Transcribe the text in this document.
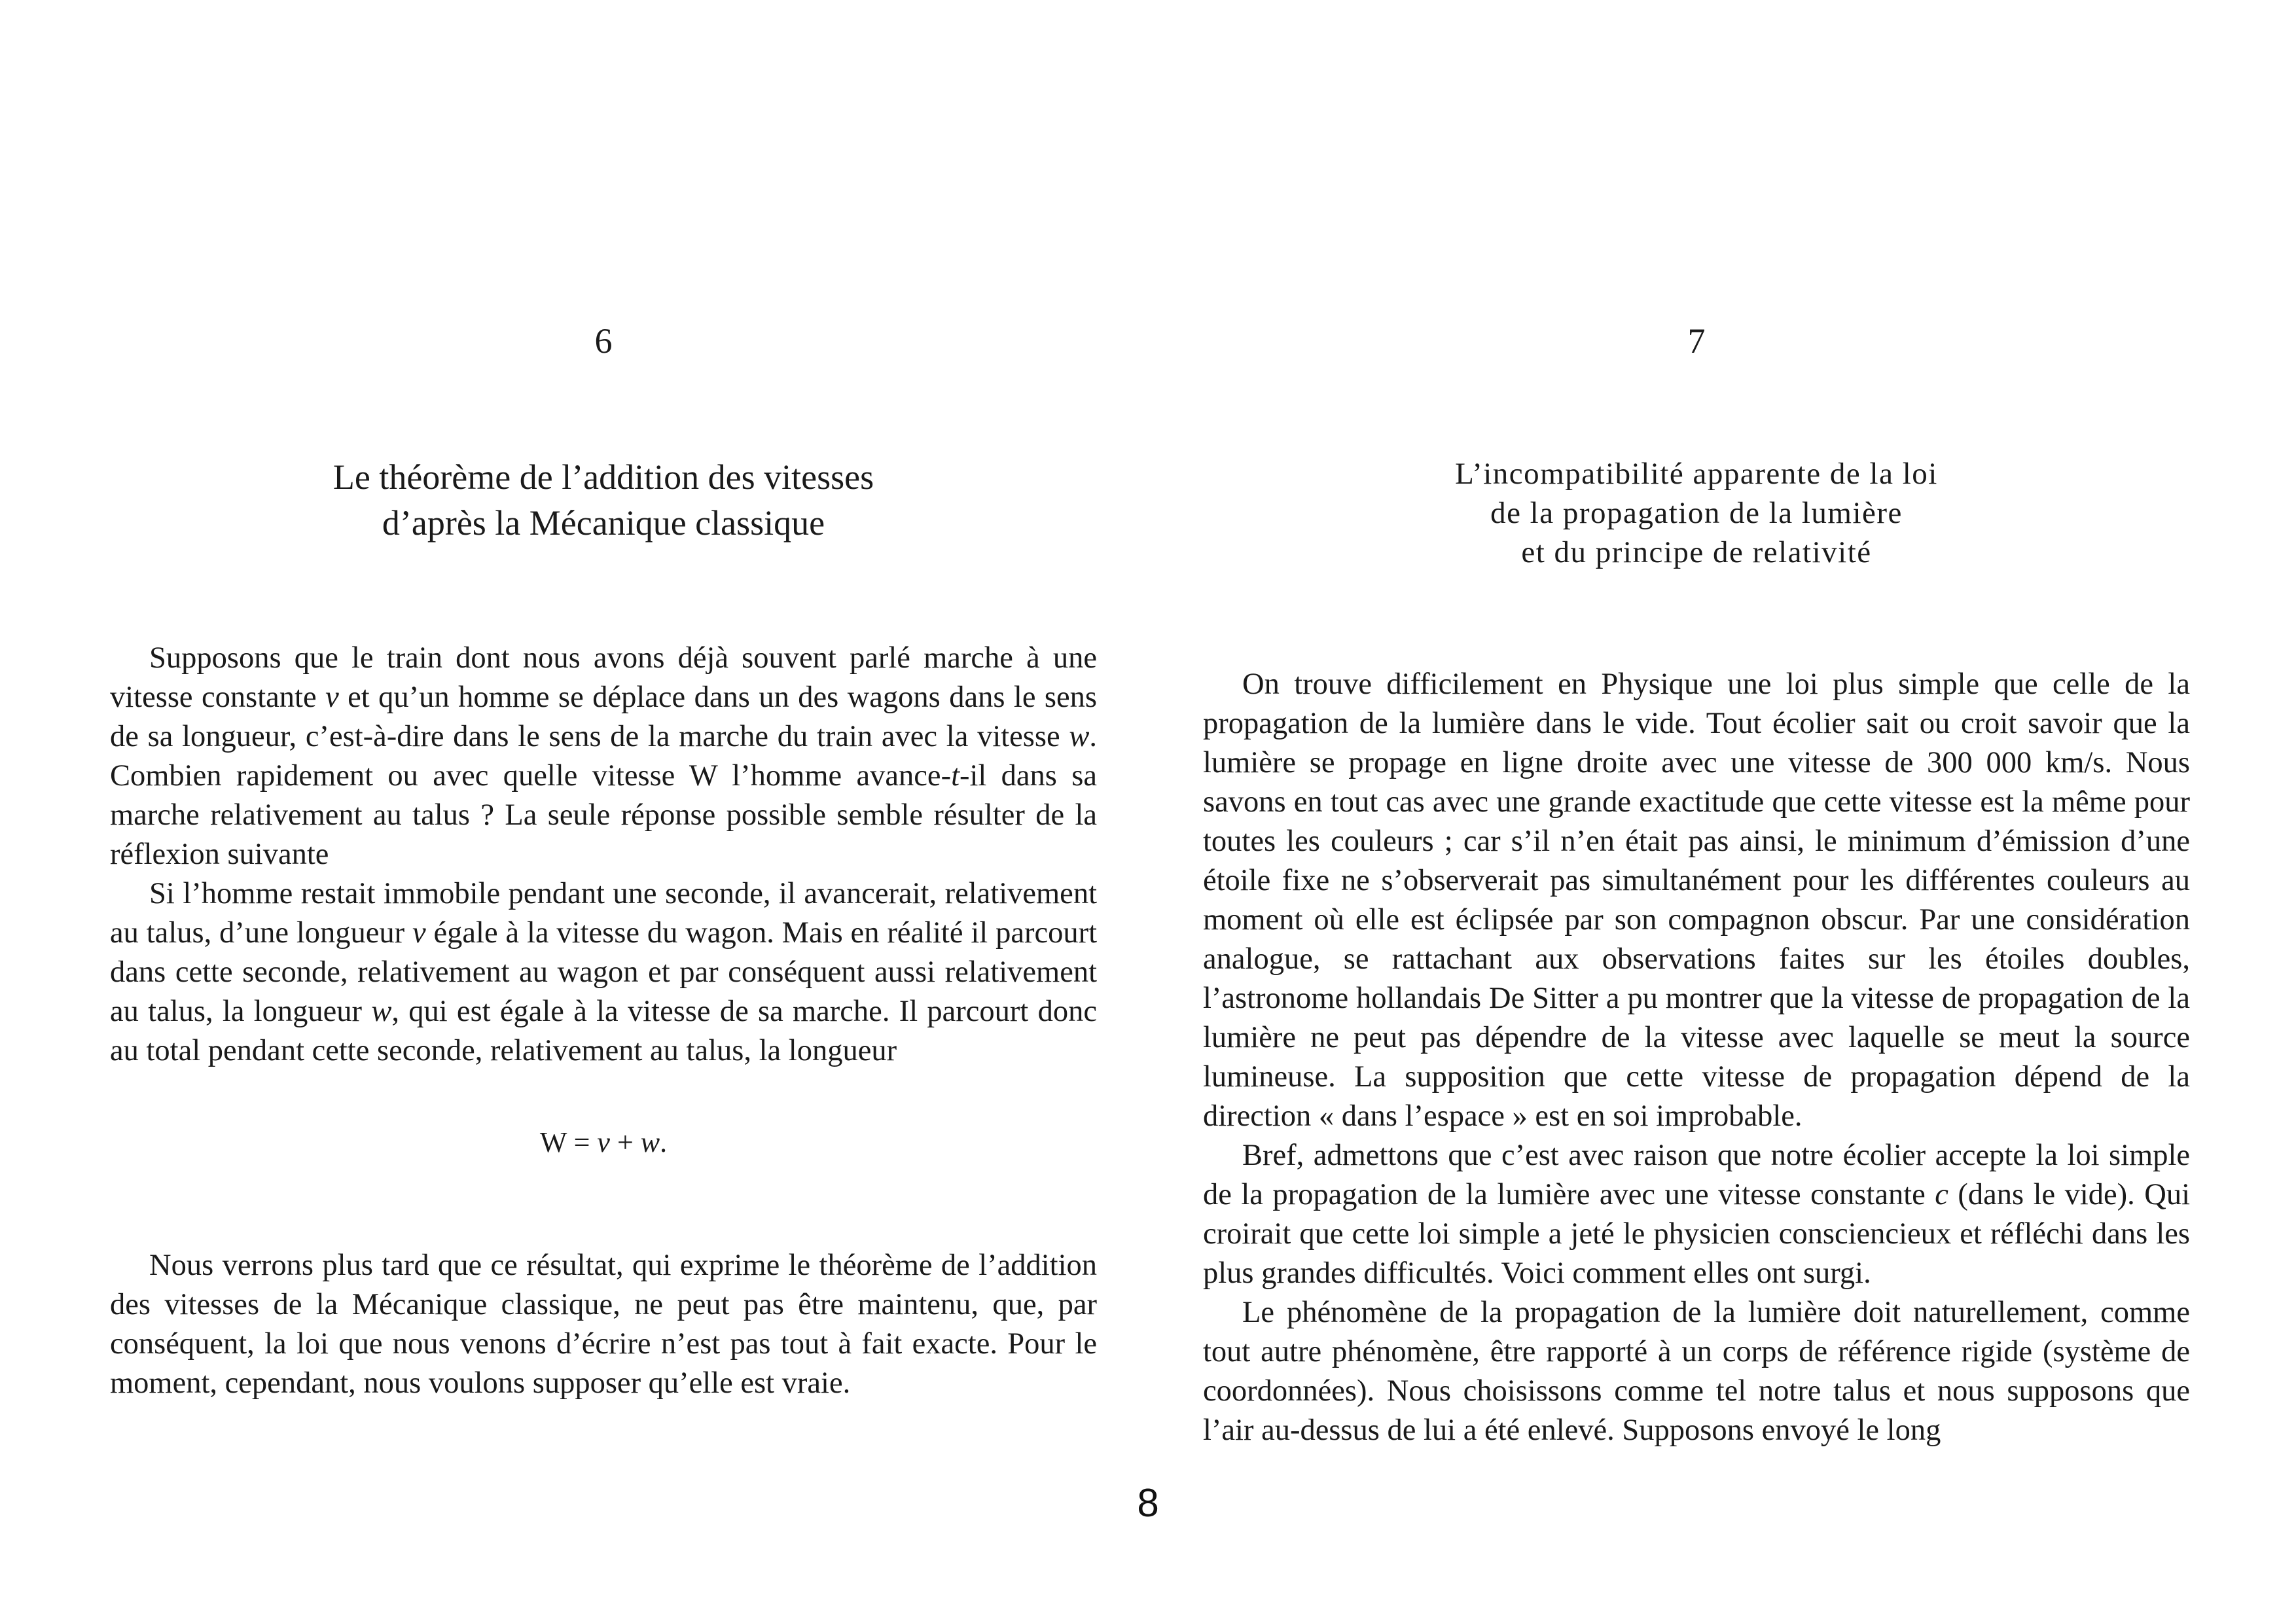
6
Le théorème de l’addition des vitesses
d’après la Mécanique classique

Supposons que le train dont nous avons déjà souvent parlé marche à une vitesse constante v et qu’un homme se déplace dans un des wagons dans le sens de sa longueur, c’est-à-dire dans le sens de la marche du train avec la vitesse w. Combien rapidement ou avec quelle vitesse W l’homme avance-t-il dans sa marche relativement au talus ? La seule réponse possible semble résulter de la réflexion suivante

Si l’homme restait immobile pendant une seconde, il avancerait, relativement au talus, d’une longueur v égale à la vitesse du wagon. Mais en réalité il parcourt dans cette seconde, relativement au wagon et par conséquent aussi relativement au talus, la longueur w, qui est égale à la vitesse de sa marche. Il parcourt donc au total pendant cette seconde, relativement au talus, la longueur

W = v + w.

Nous verrons plus tard que ce résultat, qui exprime le théorème de l’addition des vitesses de la Mécanique classique, ne peut pas être maintenu, que, par conséquent, la loi que nous venons d’écrire n’est pas tout à fait exacte. Pour le moment, cependant, nous voulons supposer qu’elle est vraie.

7
L’incompatibilité apparente de la loi
de la propagation de la lumière
et du principe de relativité

On trouve difficilement en Physique une loi plus simple que celle de la propagation de la lumière dans le vide. Tout écolier sait ou croit savoir que la lumière se propage en ligne droite avec une vitesse de 300 000 km/s. Nous savons en tout cas avec une grande exactitude que cette vitesse est la même pour toutes les couleurs ; car s’il n’en était pas ainsi, le minimum d’émission d’une étoile fixe ne s’observerait pas simultanément pour les différentes couleurs au moment où elle est éclipsée par son compagnon obscur. Par une considération analogue, se rattachant aux observations faites sur les étoiles doubles, l’astronome hollandais De Sitter a pu montrer que la vitesse de propagation de la lumière ne peut pas dépendre de la vitesse avec laquelle se meut la source lumineuse. La supposition que cette vitesse de propagation dépend de la direction « dans l’espace » est en soi improbable.

Bref, admettons que c’est avec raison que notre écolier accepte la loi simple de la propagation de la lumière avec une vitesse constante c (dans le vide). Qui croirait que cette loi simple a jeté le physicien consciencieux et réfléchi dans les plus grandes difficultés. Voici comment elles ont surgi.

Le phénomène de la propagation de la lumière doit naturellement, comme tout autre phénomène, être rapporté à un corps de référence rigide (système de coordonnées). Nous choisissons comme tel notre talus et nous supposons que l’air au-dessus de lui a été enlevé. Supposons envoyé le long

8
